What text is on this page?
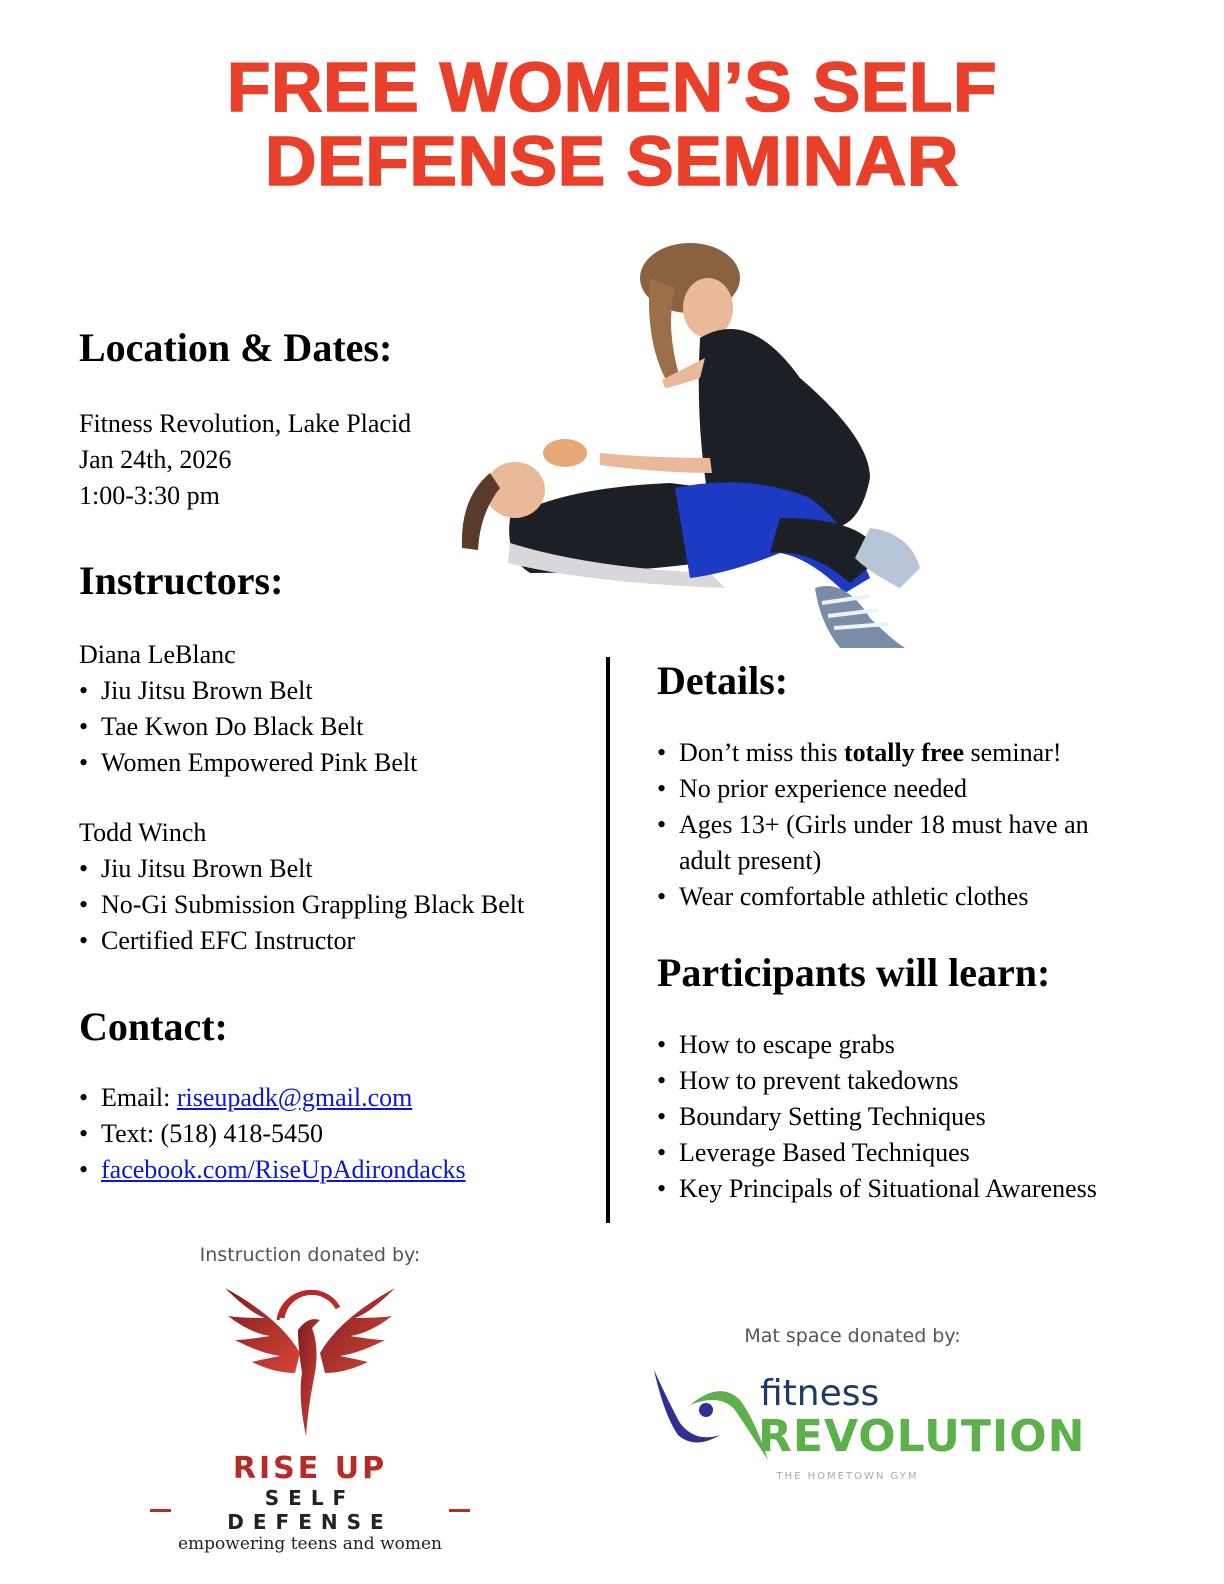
FREE WOMEN’S SELF
DEFENSE SEMINAR
Location & Dates:
Fitness Revolution, Lake Placid
Jan 24th, 2026
1:00-3:30 pm
Instructors:
Diana LeBlanc
• Jiu Jitsu Brown Belt
• Tae Kwon Do Black Belt
• Women Empowered Pink Belt
Todd Winch
• Jiu Jitsu Brown Belt
• No-Gi Submission Grappling Black Belt
• Certified EFC Instructor
Contact:
• Email: riseupadk@gmail.com
• Text: (518) 418-5450
• facebook.com/RiseUpAdirondacks
Details:
• Don’t miss this totally free seminar!
• No prior experience needed
• Ages 13+ (Girls under 18 must have an adult present)
• Wear comfortable athletic clothes
Participants will learn:
• How to escape grabs
• How to prevent takedowns
• Boundary Setting Techniques
• Leverage Based Techniques
• Key Principals of Situational Awareness
Instruction donated by:
RISE UP
SELF DEFENSE
empowering teens and women
Mat space donated by:
fitness
REVOLUTION
THE HOMETOWN GYM
